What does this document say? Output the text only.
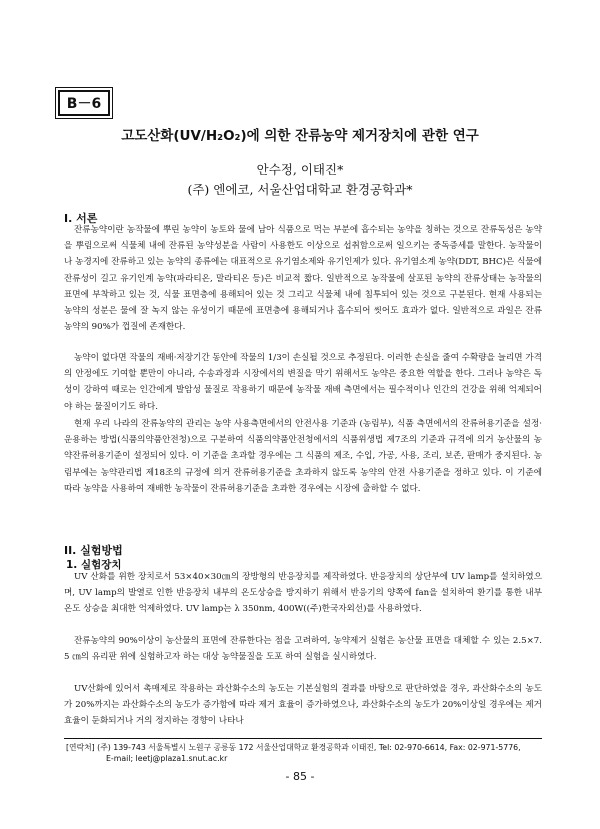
B－6
고도산화(UV/H₂O₂)에 의한 잔류농약 제거장치에 관한 연구
안수정, 이태진*
(주) 엔에코, 서울산업대학교 환경공학과*
I. 서론

잔류농약이란 농작물에 뿌린 농약이 농토와 물에 남아 식품으로 먹는 부분에 흡수되는 농약을 칭하는 것으로 잔류독성은 농약을 뿌림으로써 식물체 내에 잔류된 농약성분을 사람이 사용한도 이상으로 섭취함으로써 일으키는 중독증세를 말한다. 농작물이나 농경지에 잔류하고 있는 농약의 종류에는 대표적으로 유기염소제와 유기인제가 있다. 유기염소계 농약(DDT, BHC)은 식물에 잔류성이 길고 유기인계 농약(파라티온, 말라티온 등)은 비교적 짧다. 일반적으로 농작물에 살포된 농약의 잔류상태는 농작물의 표면에 부착하고 있는 것, 식물 표면층에 용해되어 있는 것 그리고 식물체 내에 침투되어 있는 것으로 구분된다. 현재 사용되는 농약의 성분은 물에 잘 녹지 않는 유성이기 때문에 표면층에 용해되거나 흡수되어 씻어도 효과가 없다. 일반적으로 과일은 잔류농약의 90%가 껍질에 존재한다.

농약이 없다면 작물의 재배·저장기간 동안에 작물의 1/3이 손실될 것으로 추정된다. 이러한 손실을 줄여 수확량을 늘리면 가격의 안정에도 기여할 뿐만이 아니라, 수송과정과 시장에서의 변질을 막기 위해서도 농약은 중요한 역할을 한다. 그러나 농약은 독성이 강하여 때로는 인간에게 발암성 물질로 작용하기 때문에 농작물 재배 측면에서는 필수적이나 인간의 건강을 위해 억제되어야 하는 물질이기도 하다.

현재 우리 나라의 잔류농약의 관리는 농약 사용측면에서의 안전사용 기준과 (농림부), 식품 측면에서의 잔류허용기준을 설정·운용하는 방법(식품의약품안전청)으로 구분하여 식품의약품안전청에서의 식품위생법 제7조의 기준과 규격에 의거 농산물의 농약잔류허용기준이 설정되어 있다. 이 기준을 초과할 경우에는 그 식품의 제조, 수입, 가공, 사용, 조리, 보존, 판매가 중지된다. 농림부에는 농약관리법 제18조의 규정에 의거 잔류허용기준을 초과하지 않도록 농약의 안전 사용기준을 정하고 있다. 이 기준에 따라 농약을 사용하여 재배한 농작물이 잔류허용기준을 초과한 경우에는 시장에 출하할 수 없다.

II. 실험방법
1. 실험장치

UV 산화를 위한 장치로서 53×40×30㎝의 장방형의 반응장치를 제작하였다. 반응장치의 상단부에 UV lamp를 설치하였으며, UV lamp의 발열로 인한 반응장치 내부의 온도상승을 방지하기 위해서 반응기의 양쪽에 fan을 설치하여 환기를 통한 내부 온도 상승을 최대한 억제하였다. UV lamp는 λ 350nm, 400W((주)한국자외선)를 사용하였다.

잔류농약의 90%이상이 농산물의 표면에 잔류한다는 점을 고려하여, 농약제거 실험은 농산물 표면을 대체할 수 있는 2.5×7.5 ㎝의 유리판 위에 실험하고자 하는 대상 농약물질을 도포 하여 실험을 실시하였다.

UV산화에 있어서 촉매제로 작용하는 과산화수소의 농도는 기본실험의 결과를 바탕으로 판단하였을 경우, 과산화수소의 농도가 20%까지는 과산화수소의 농도가 증가함에 따라 제거 효율이 증가하였으나, 과산화수소의 농도가 20%이상일 경우에는 제거 효율이 둔화되거나 거의 정지하는 경향이 나타나

[연락처] (주) 139-743 서울특별시 노원구 공릉동 172 서울산업대학교 환경공학과 이태진, Tel: 02-970-6614, Fax: 02-971-5776,
E-mail; leetj@plaza1.snut.ac.kr
- 85 -
